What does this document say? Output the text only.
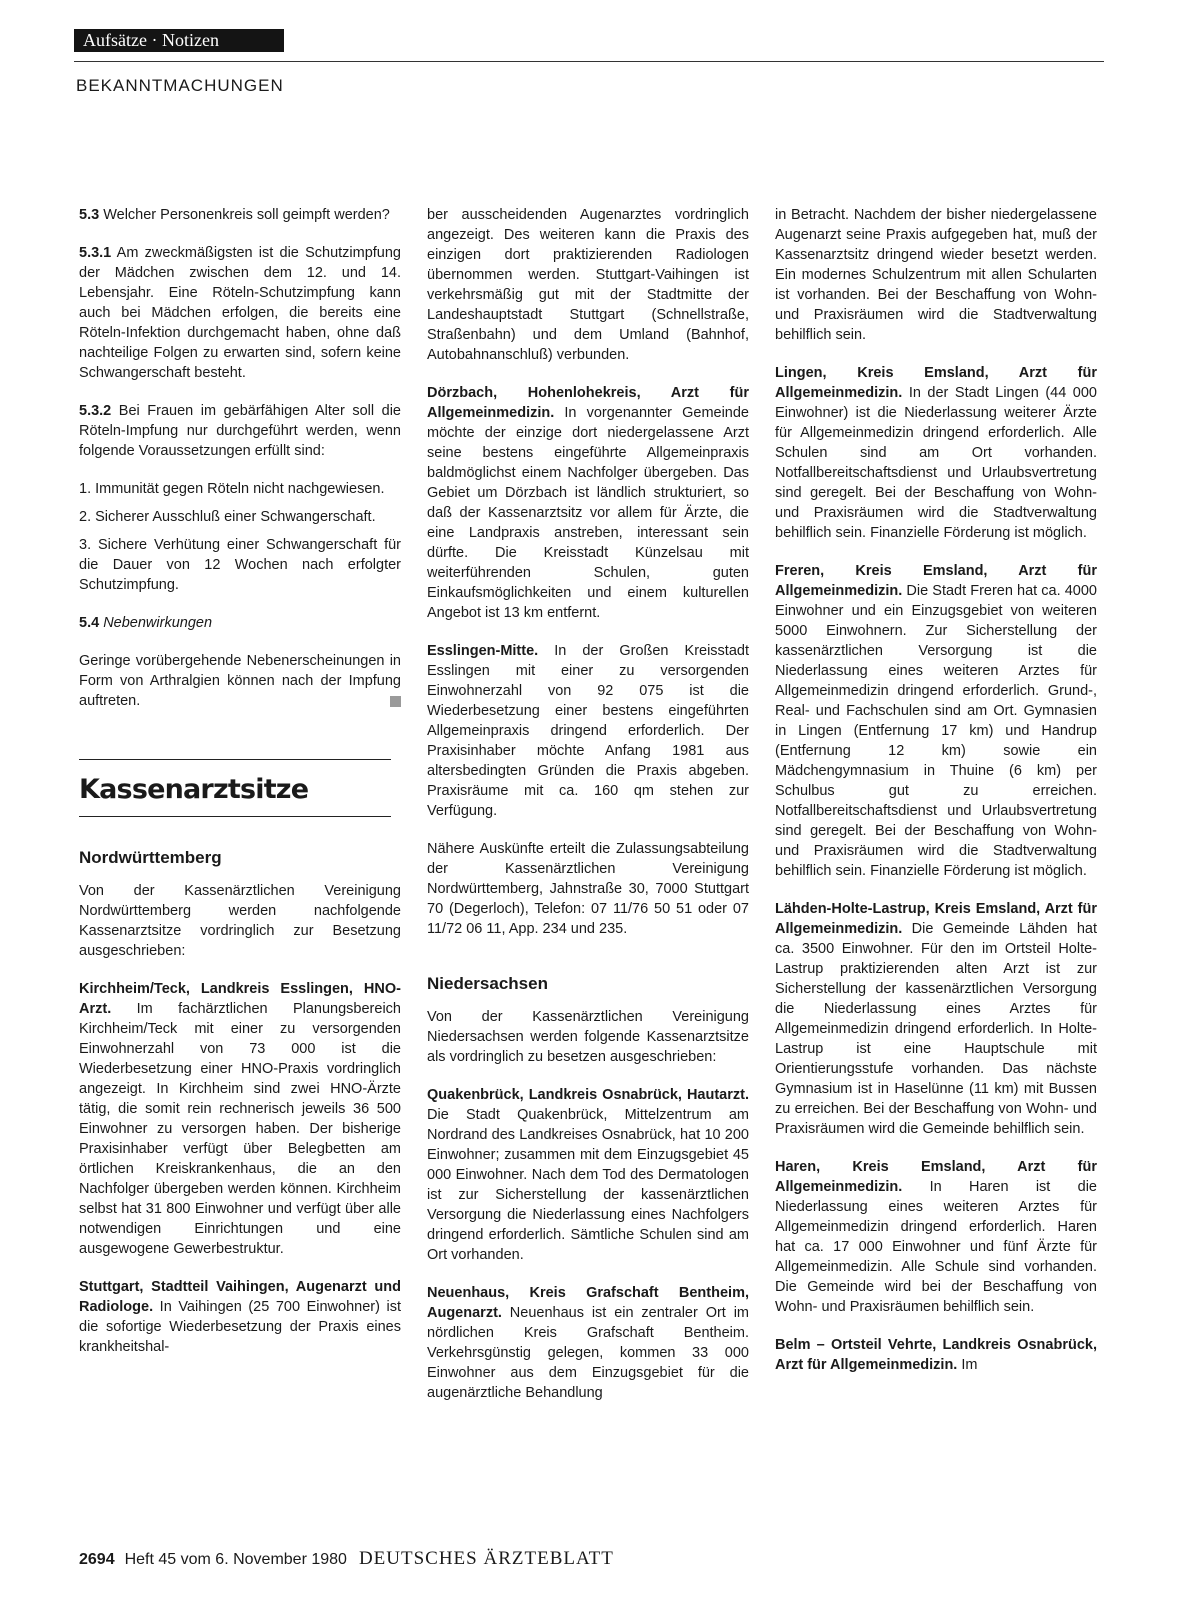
Aufsätze · Notizen
BEKANNTMACHUNGEN

5.3 Welcher Personenkreis soll geimpft werden?

5.3.1 Am zweckmäßigsten ist die Schutzimpfung der Mädchen zwischen dem 12. und 14. Lebensjahr. Eine Röteln-Schutzimpfung kann auch bei Mädchen erfolgen, die bereits eine Röteln-Infektion durchgemacht haben, ohne daß nachteilige Folgen zu erwarten sind, sofern keine Schwangerschaft besteht.

5.3.2 Bei Frauen im gebärfähigen Alter soll die Röteln-Impfung nur durchgeführt werden, wenn folgende Voraussetzungen erfüllt sind:

1. Immunität gegen Röteln nicht nachgewiesen.

2. Sicherer Ausschluß einer Schwangerschaft.

3. Sichere Verhütung einer Schwangerschaft für die Dauer von 12 Wochen nach erfolgter Schutzimpfung.

5.4 Nebenwirkungen

Geringe vorübergehende Nebenerscheinungen in Form von Arthralgien können nach der Impfung auftreten.

Kassenarztsitze
Nordwürttemberg

Von der Kassenärztlichen Vereinigung Nordwürttemberg werden nachfolgende Kassenarztsitze vordringlich zur Besetzung ausgeschrieben:

Kirchheim/Teck, Landkreis Esslingen, HNO-Arzt. Im fachärztlichen Planungsbereich Kirchheim/Teck mit einer zu versorgenden Einwohnerzahl von 73 000 ist die Wiederbesetzung einer HNO-Praxis vordringlich angezeigt. In Kirchheim sind zwei HNO-Ärzte tätig, die somit rein rechnerisch jeweils 36 500 Einwohner zu versorgen haben. Der bisherige Praxisinhaber verfügt über Belegbetten am örtlichen Kreiskrankenhaus, die an den Nachfolger übergeben werden können. Kirchheim selbst hat 31 800 Einwohner und verfügt über alle notwendigen Einrichtungen und eine ausgewogene Gewerbestruktur.

Stuttgart, Stadtteil Vaihingen, Augenarzt und Radiologe. In Vaihingen (25 700 Einwohner) ist die sofortige Wiederbesetzung der Praxis eines krankheitshal-

ber ausscheidenden Augenarztes vordringlich angezeigt. Des weiteren kann die Praxis des einzigen dort praktizierenden Radiologen übernommen werden. Stuttgart-Vaihingen ist verkehrsmäßig gut mit der Stadtmitte der Landeshauptstadt Stuttgart (Schnellstraße, Straßenbahn) und dem Umland (Bahnhof, Autobahnanschluß) verbunden.

Dörzbach, Hohenlohekreis, Arzt für Allgemeinmedizin. In vorgenannter Gemeinde möchte der einzige dort niedergelassene Arzt seine bestens eingeführte Allgemeinpraxis baldmöglichst einem Nachfolger übergeben. Das Gebiet um Dörzbach ist ländlich strukturiert, so daß der Kassenarztsitz vor allem für Ärzte, die eine Landpraxis anstreben, interessant sein dürfte. Die Kreisstadt Künzelsau mit weiterführenden Schulen, guten Einkaufsmöglichkeiten und einem kulturellen Angebot ist 13 km entfernt.

Esslingen-Mitte. In der Großen Kreisstadt Esslingen mit einer zu versorgenden Einwohnerzahl von 92 075 ist die Wiederbesetzung einer bestens eingeführten Allgemeinpraxis dringend erforderlich. Der Praxisinhaber möchte Anfang 1981 aus altersbedingten Gründen die Praxis abgeben. Praxisräume mit ca. 160 qm stehen zur Verfügung.

Nähere Auskünfte erteilt die Zulassungsabteilung der Kassenärztlichen Vereinigung Nordwürttemberg, Jahnstraße 30, 7000 Stuttgart 70 (Degerloch), Telefon: 07 11/76 50 51 oder 07 11/72 06 11, App. 234 und 235.

Niedersachsen

Von der Kassenärztlichen Vereinigung Niedersachsen werden folgende Kassenarztsitze als vordringlich zu besetzen ausgeschrieben:

Quakenbrück, Landkreis Osnabrück, Hautarzt. Die Stadt Quakenbrück, Mittelzentrum am Nordrand des Landkreises Osnabrück, hat 10 200 Einwohner; zusammen mit dem Einzugsgebiet 45 000 Einwohner. Nach dem Tod des Dermatologen ist zur Sicherstellung der kassenärztlichen Versorgung die Niederlassung eines Nachfolgers dringend erforderlich. Sämtliche Schulen sind am Ort vorhanden.

Neuenhaus, Kreis Grafschaft Bentheim, Augenarzt. Neuenhaus ist ein zentraler Ort im nördlichen Kreis Grafschaft Bentheim. Verkehrsgünstig gelegen, kommen 33 000 Einwohner aus dem Einzugsgebiet für die augenärztliche Behandlung

in Betracht. Nachdem der bisher niedergelassene Augenarzt seine Praxis aufgegeben hat, muß der Kassenarztsitz dringend wieder besetzt werden. Ein modernes Schulzentrum mit allen Schularten ist vorhanden. Bei der Beschaffung von Wohn- und Praxisräumen wird die Stadtverwaltung behilflich sein.

Lingen, Kreis Emsland, Arzt für Allgemeinmedizin. In der Stadt Lingen (44 000 Einwohner) ist die Niederlassung weiterer Ärzte für Allgemeinmedizin dringend erforderlich. Alle Schulen sind am Ort vorhanden. Notfallbereitschaftsdienst und Urlaubsvertretung sind geregelt. Bei der Beschaffung von Wohn- und Praxisräumen wird die Stadtverwaltung behilflich sein. Finanzielle Förderung ist möglich.

Freren, Kreis Emsland, Arzt für Allgemeinmedizin. Die Stadt Freren hat ca. 4000 Einwohner und ein Einzugsgebiet von weiteren 5000 Einwohnern. Zur Sicherstellung der kassenärztlichen Versorgung ist die Niederlassung eines weiteren Arztes für Allgemeinmedizin dringend erforderlich. Grund-, Real- und Fachschulen sind am Ort. Gymnasien in Lingen (Entfernung 17 km) und Handrup (Entfernung 12 km) sowie ein Mädchengymnasium in Thuine (6 km) per Schulbus gut zu erreichen. Notfallbereitschaftsdienst und Urlaubsvertretung sind geregelt. Bei der Beschaffung von Wohn- und Praxisräumen wird die Stadtverwaltung behilflich sein. Finanzielle Förderung ist möglich.

Lähden-Holte-Lastrup, Kreis Emsland, Arzt für Allgemeinmedizin. Die Gemeinde Lähden hat ca. 3500 Einwohner. Für den im Ortsteil Holte-Lastrup praktizierenden alten Arzt ist zur Sicherstellung der kassenärztlichen Versorgung die Niederlassung eines Arztes für Allgemeinmedizin dringend erforderlich. In Holte-Lastrup ist eine Hauptschule mit Orientierungsstufe vorhanden. Das nächste Gymnasium ist in Haselünne (11 km) mit Bussen zu erreichen. Bei der Beschaffung von Wohn- und Praxisräumen wird die Gemeinde behilflich sein.

Haren, Kreis Emsland, Arzt für Allgemeinmedizin. In Haren ist die Niederlassung eines weiteren Arztes für Allgemeinmedizin dringend erforderlich. Haren hat ca. 17 000 Einwohner und fünf Ärzte für Allgemeinmedizin. Alle Schule sind vorhanden. Die Gemeinde wird bei der Beschaffung von Wohn- und Praxisräumen behilflich sein.

Belm – Ortsteil Vehrte, Landkreis Osnabrück, Arzt für Allgemeinmedizin. Im

2694 Heft 45 vom 6. November 1980 DEUTSCHES ÄRZTEBLATT
